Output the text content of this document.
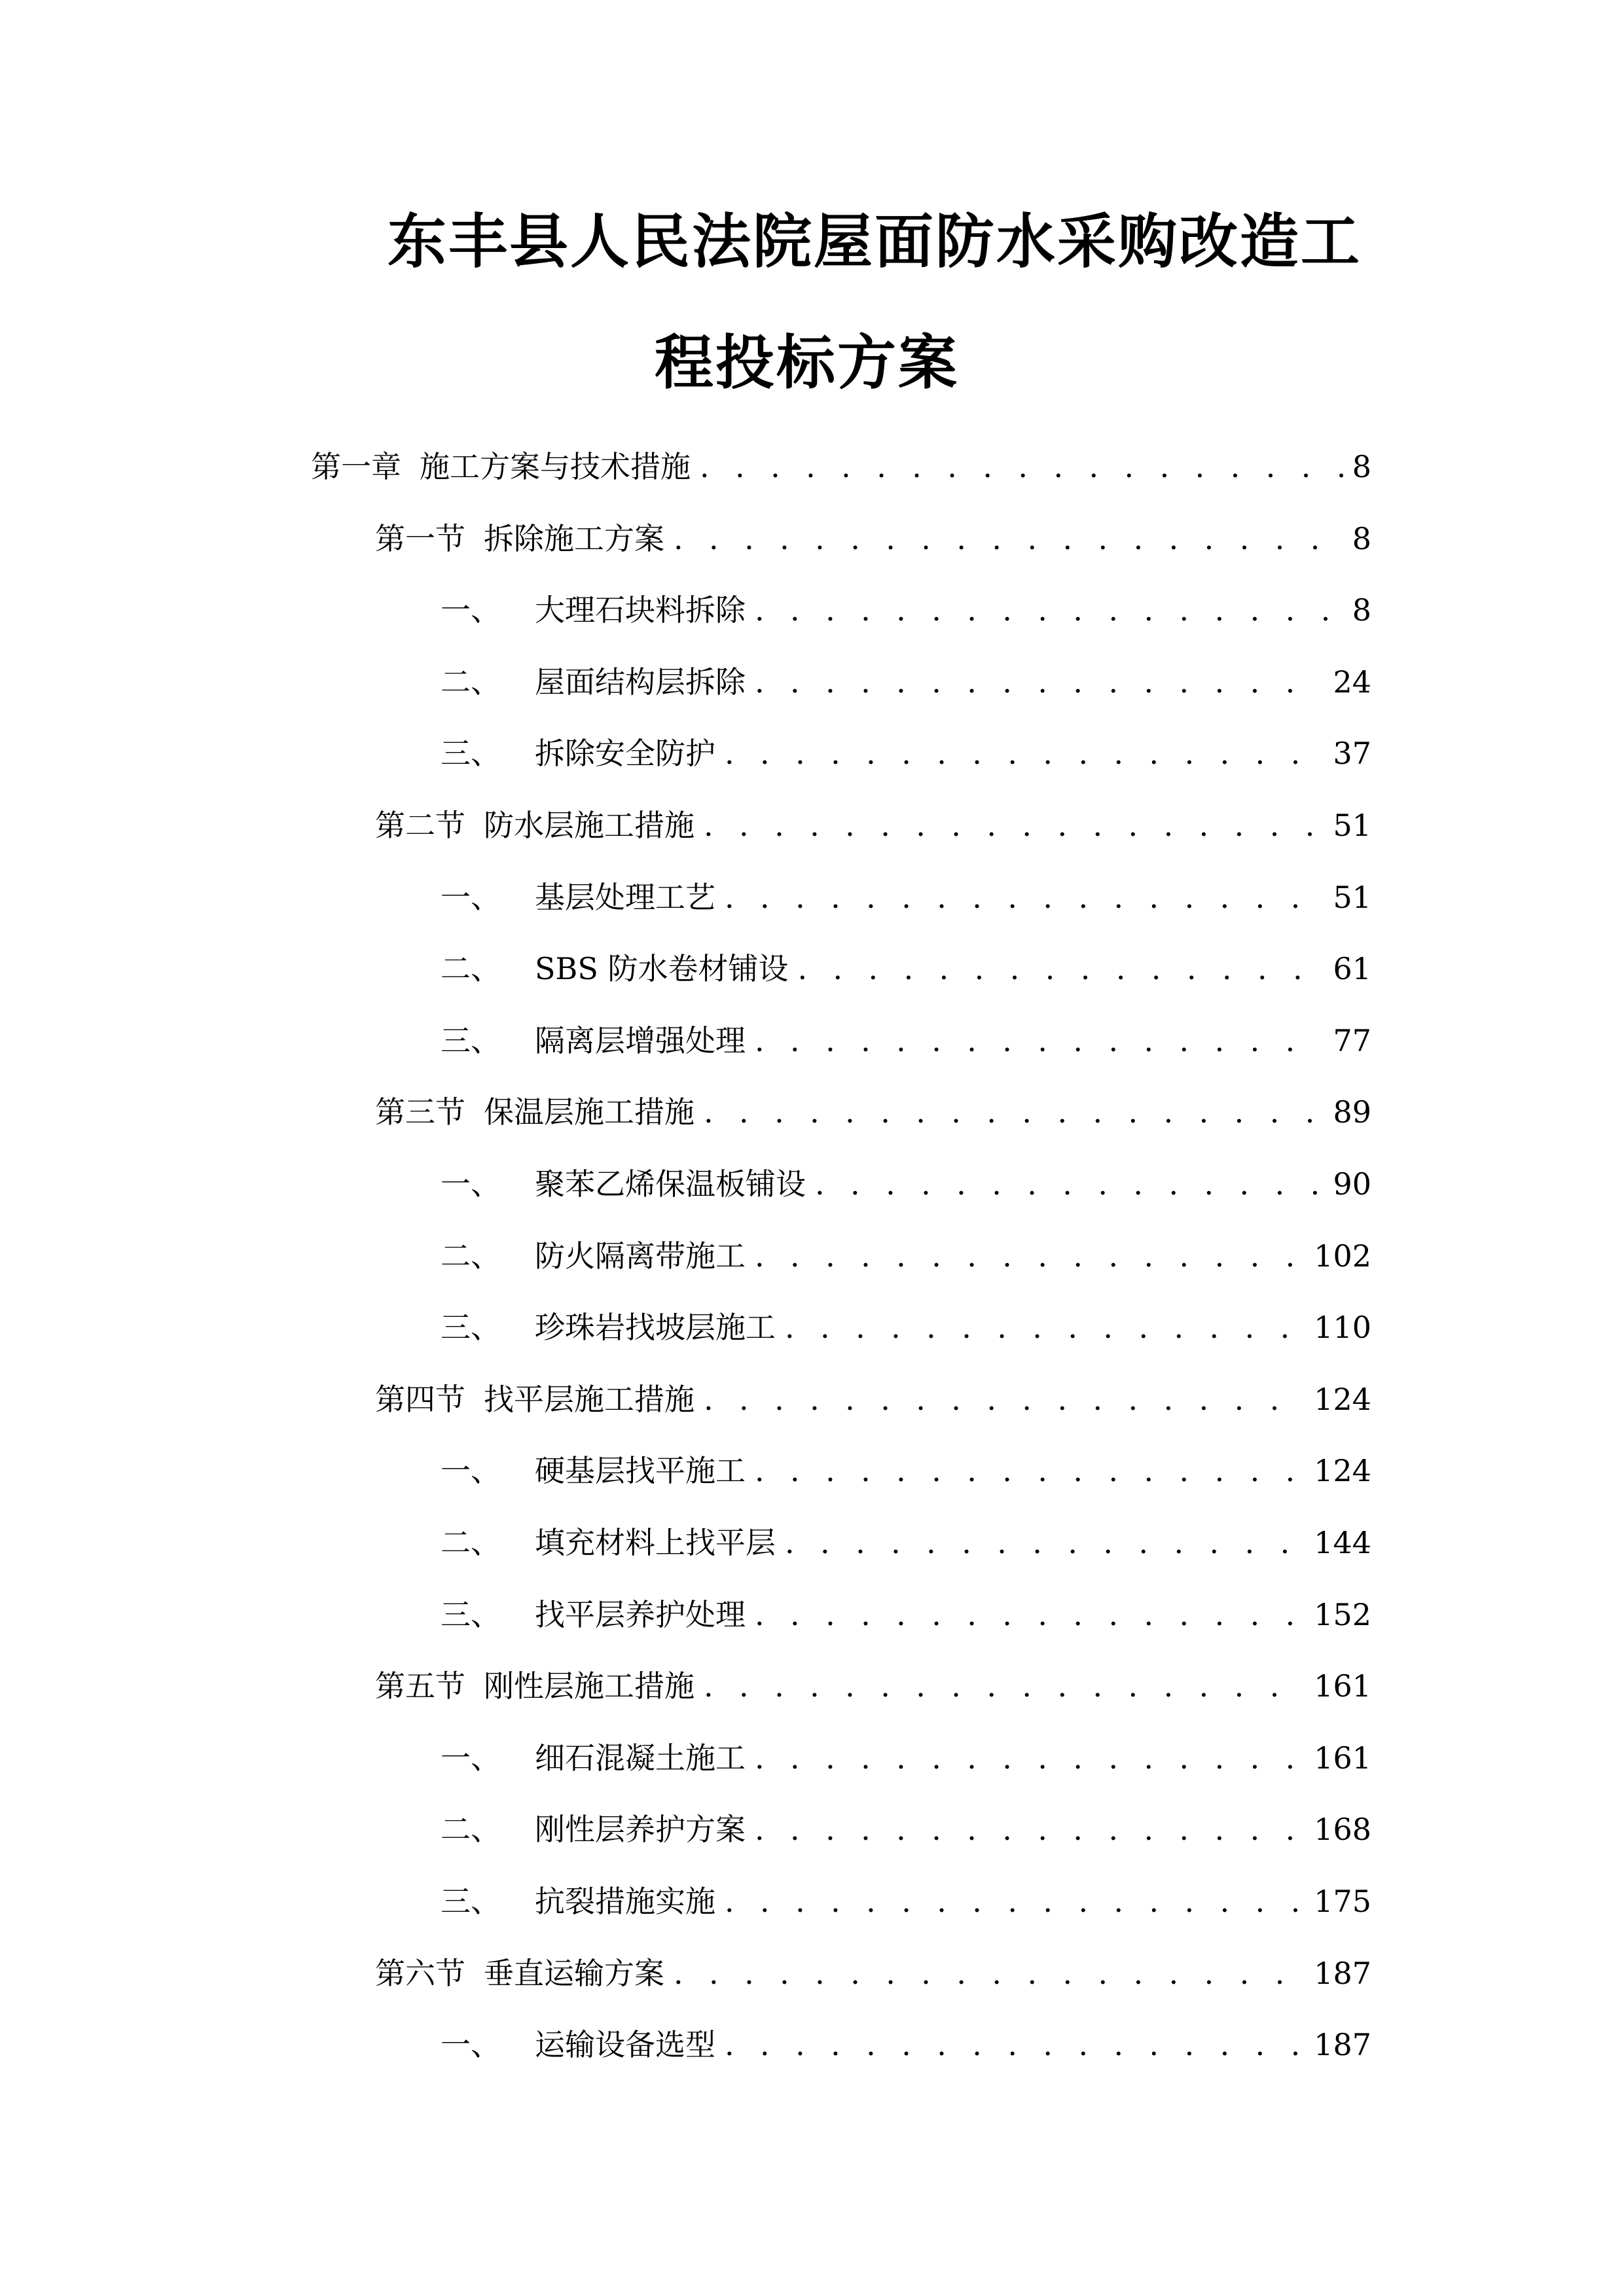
东丰县人民法院屋面防水采购改造工
程投标方案
第一章 施工方案与技术措施 . . .	8
第一节 拆除施工方案 . . .	8
一、 大理石块料拆除 . . .	8
二、 屋面结构层拆除 . . .	24
三、 拆除安全防护 . . .	37
第二节 防水层施工措施 . . .	51
一、 基层处理工艺 . . .	51
二、 SBS 防水卷材铺设 . . .	61
三、 隔离层增强处理 . . .	77
第三节 保温层施工措施 . . .	89
一、 聚苯乙烯保温板铺设 . . .	90
二、 防火隔离带施工 . . .	102
三、 珍珠岩找坡层施工 . . .	110
第四节 找平层施工措施 . . .	124
一、 硬基层找平施工 . . .	124
二、 填充材料上找平层 . . .	144
三、 找平层养护处理 . . .	152
第五节 刚性层施工措施 . . .	161
一、 细石混凝土施工 . . .	161
二、 刚性层养护方案 . . .	168
三、 抗裂措施实施 . . .	175
第六节 垂直运输方案 . . .	187
一、 运输设备选型 . . .	187
